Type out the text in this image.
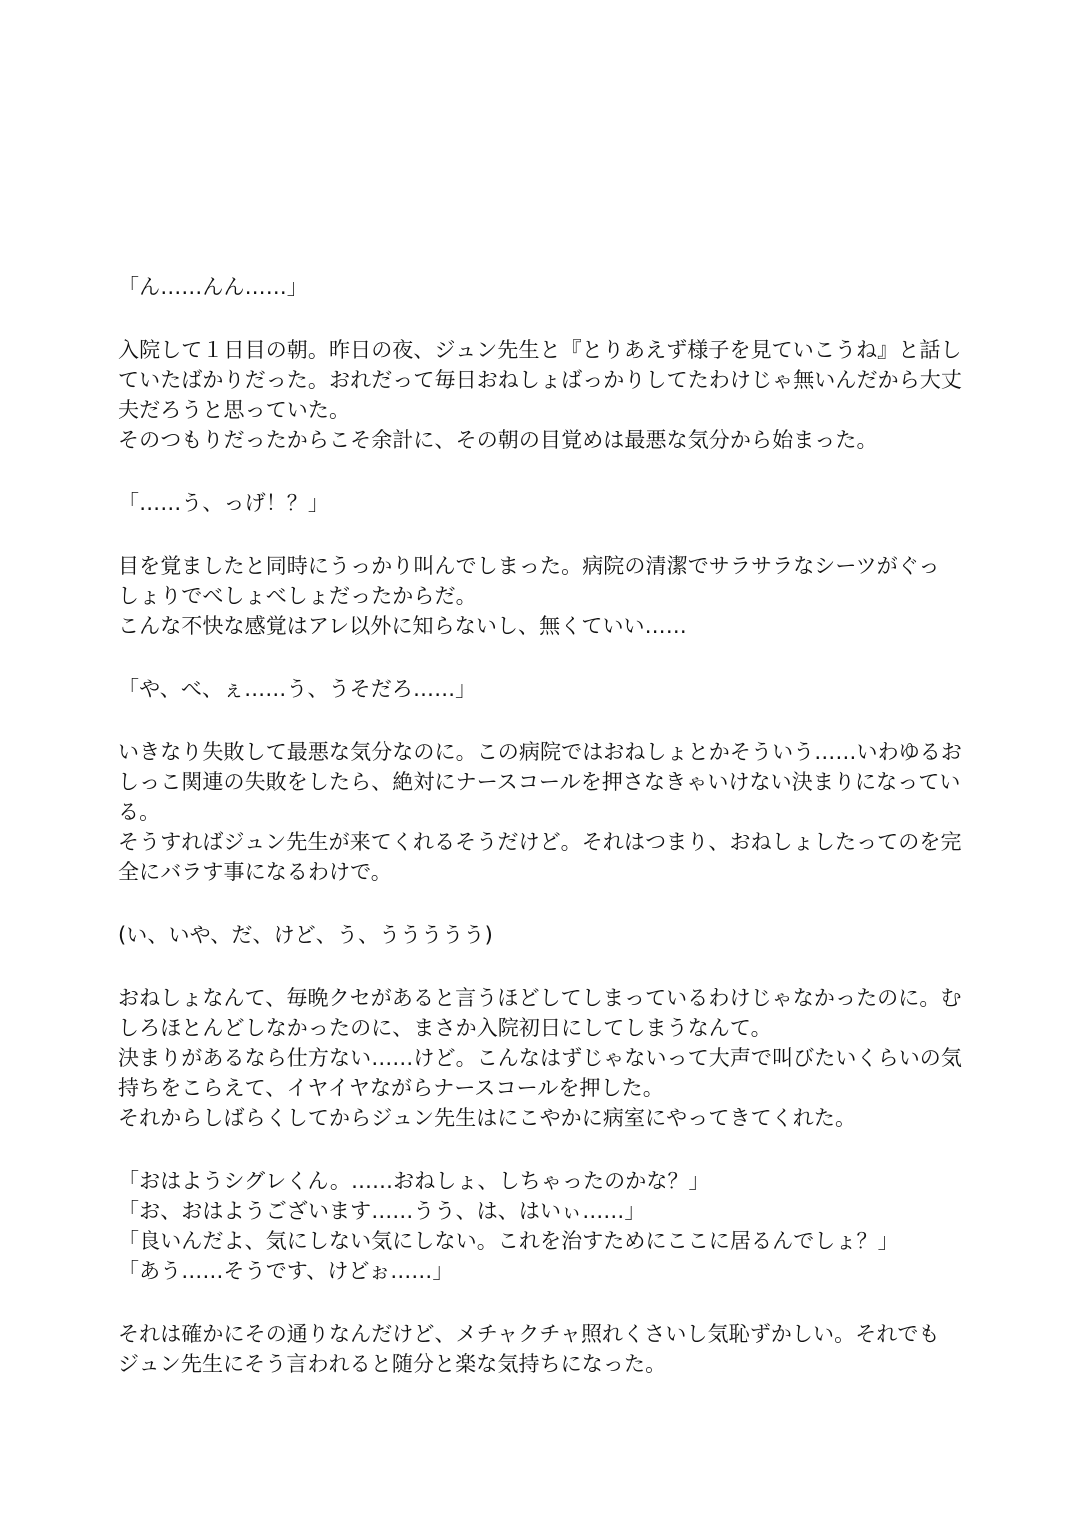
「ん……んん……」
入院して１日目の朝。昨日の夜、ジュン先生と『とりあえず様子を見ていこうね』と話し
ていたばかりだった。おれだって毎日おねしょばっかりしてたわけじゃ無いんだから大丈
夫だろうと思っていた。
そのつもりだったからこそ余計に、その朝の目覚めは最悪な気分から始まった。
「……う、っげ！？」
目を覚ましたと同時にうっかり叫んでしまった。病院の清潔でサラサラなシーツがぐっ
しょりでべしょべしょだったからだ。
こんな不快な感覚はアレ以外に知らないし、無くていい……
「や、べ、ぇ……う、うそだろ……」
いきなり失敗して最悪な気分なのに。この病院ではおねしょとかそういう……いわゆるお
しっこ関連の失敗をしたら、絶対にナースコールを押さなきゃいけない決まりになってい
る。
そうすればジュン先生が来てくれるそうだけど。それはつまり、おねしょしたってのを完
全にバラす事になるわけで。
(い、いや、だ、けど、う、ううううう)
おねしょなんて、毎晩クセがあると言うほどしてしまっているわけじゃなかったのに。む
しろほとんどしなかったのに、まさか入院初日にしてしまうなんて。
決まりがあるなら仕方ない……けど。こんなはずじゃないって大声で叫びたいくらいの気
持ちをこらえて、イヤイヤながらナースコールを押した。
それからしばらくしてからジュン先生はにこやかに病室にやってきてくれた。
「おはようシグレくん。……おねしょ、しちゃったのかな？」
「お、おはようございます……うう、は、はいぃ……」
「良いんだよ、気にしない気にしない。これを治すためにここに居るんでしょ？」
「あう……そうです、けどぉ……」
それは確かにその通りなんだけど、メチャクチャ照れくさいし気恥ずかしい。それでも
ジュン先生にそう言われると随分と楽な気持ちになった。
